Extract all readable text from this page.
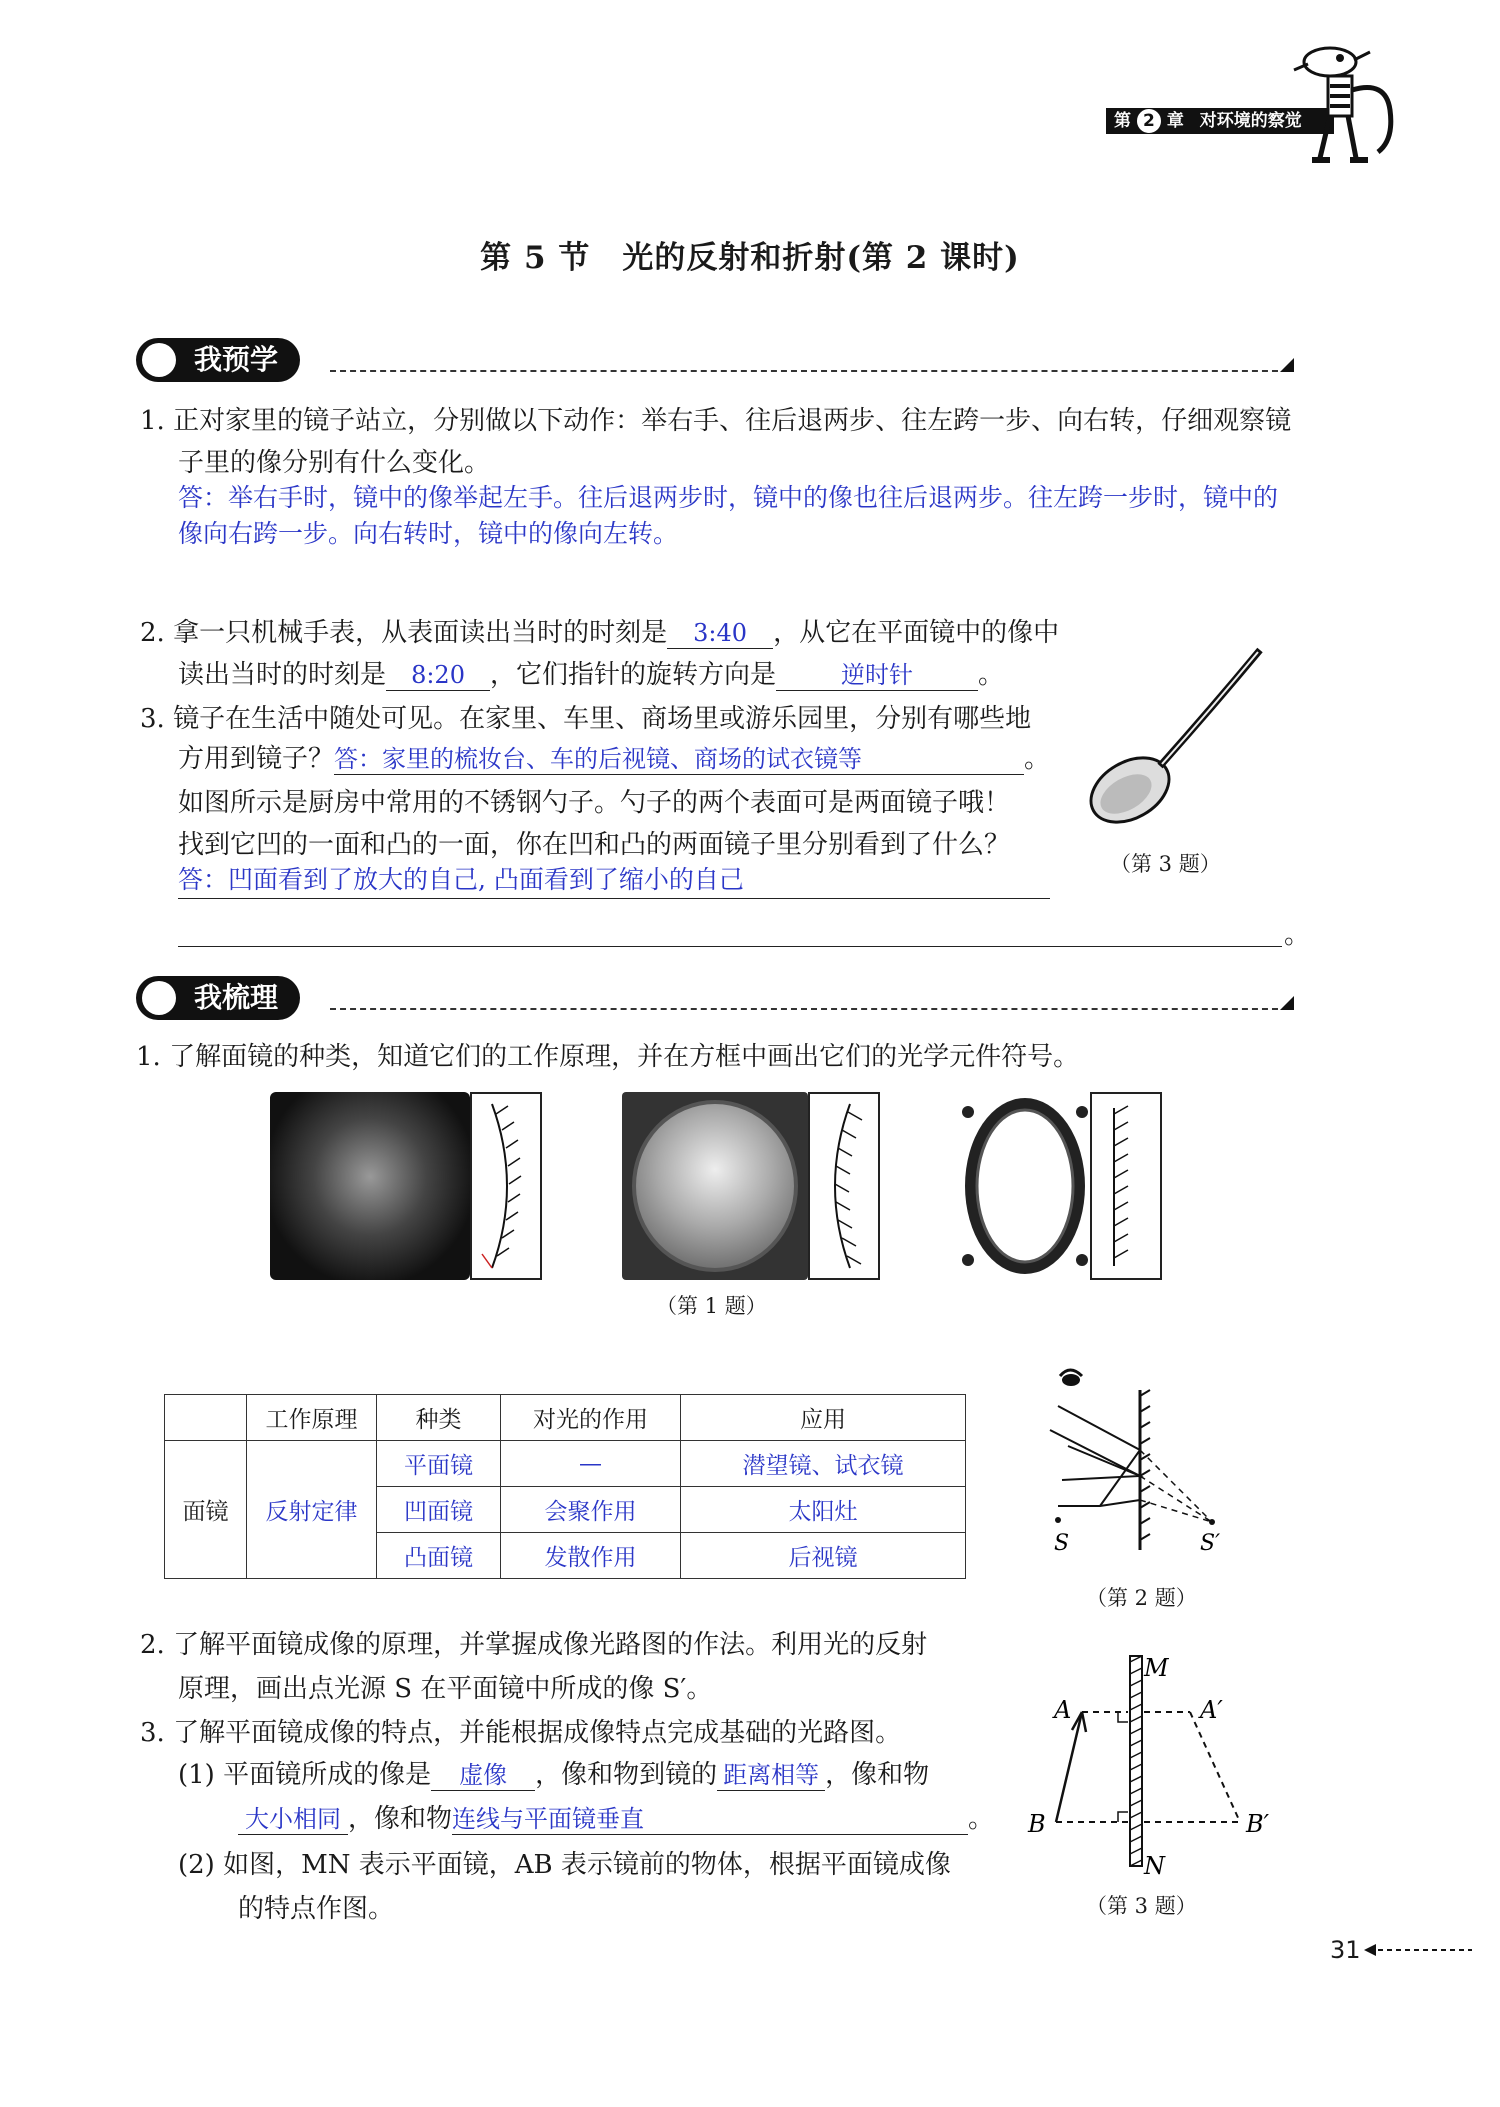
第 2 章 对环境的察觉
第 5 节　光的反射和折射(第 2 课时)
我预学
1. 正对家里的镜子站立，分别做以下动作：举右手、往后退两步、往左跨一步、向右转，仔细观察镜
子里的像分别有什么变化。
答：举右手时，镜中的像举起左手。往后退两步时，镜中的像也往后退两步。往左跨一步时，镜中的
像向右跨一步。向右转时，镜中的像向左转。
2. 拿一只机械手表，从表面读出当时的时刻是 3:40 ，从它在平面镜中的像中
读出当时的时刻是 8:20 ，它们指针的旋转方向是	逆时针	。
3. 镜子在生活中随处可见。在家里、车里、商场里或游乐园里，分别有哪些地
方用到镜子？答：家里的梳妆台、车的后视镜、商场的试衣镜等	。
如图所示是厨房中常用的不锈钢勺子。勺子的两个表面可是两面镜子哦！
找到它凹的一面和凸的一面，你在凹和凸的两面镜子里分别看到了什么？
答：凹面看到了放大的自己, 凸面看到了缩小的自己
。
（第 3 题）
我梳理
1. 了解面镜的种类，知道它们的工作原理，并在方框中画出它们的光学元件符号。
（第 1 题）
	工作原理	种类	对光的作用	应用
面镜	反射定律	平面镜	—	潜望镜、试衣镜
		凹面镜	会聚作用	太阳灶
		凸面镜	发散作用	后视镜
S	S′
（第 2 题）
2. 了解平面镜成像的原理，并掌握成像光路图的作法。利用光的反射
原理，画出点光源 S 在平面镜中所成的像 S′。
3. 了解平面镜成像的特点，并能根据成像特点完成基础的光路图。
(1) 平面镜所成的像是 虚像 ，像和物到镜的 距离相等 ，像和物
大小相同 ，像和物连线与平面镜垂直	。
(2) 如图，MN 表示平面镜，AB 表示镜前的物体，根据平面镜成像
的特点作图。
M
N
A	A′
B	B′
（第 3 题）
31
